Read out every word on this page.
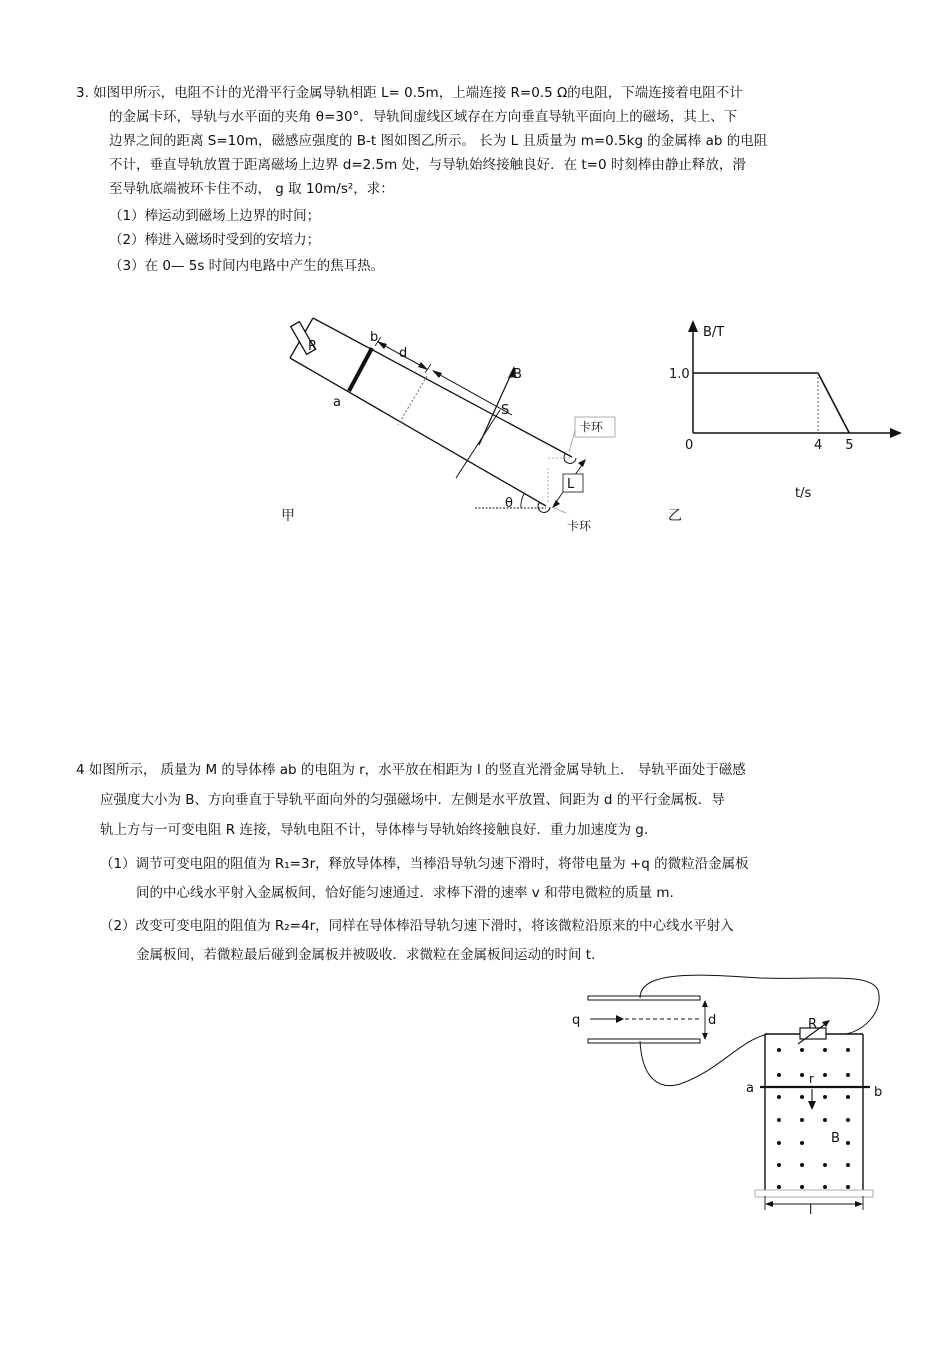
3. 如图甲所示，电阻不计的光滑平行金属导轨相距 L= 0.5m，上端连接 R=0.5 Ω的电阻，下端连接着电阻不计
的金属卡环，导轨与水平面的夹角 θ=30°．导轨间虚线区域存在方向垂直导轨平面向上的磁场，其上、下
边界之间的距离 S=10m，磁感应强度的 B-t 图如图乙所示。 长为 L 且质量为 m=0.5kg 的金属棒 ab 的电阻
不计，垂直导轨放置于距离磁场上边界 d=2.5m 处，与导轨始终接触良好．在 t=0 时刻棒由静止释放，滑
至导轨底端被环卡住不动， g 取 10m/s²，求：
（1）棒运动到磁场上边界的时间；
（2）棒进入磁场时受到的安培力；
（3）在 0— 5s 时间内电路中产生的焦耳热。
R
b
a
d
B
S
L
θ
卡环
卡环
甲
1.0
0	4 5
B/T
t/s
乙
4 如图所示， 质量为 M 的导体棒 ab 的电阻为 r，水平放在相距为 l 的竖直光滑金属导轨上． 导轨平面处于磁感
应强度大小为 B、方向垂直于导轨平面向外的匀强磁场中．左侧是水平放置、间距为 d 的平行金属板．导
轨上方与一可变电阻 R 连接，导轨电阻不计，导体棒与导轨始终接触良好．重力加速度为 g.
（1）调节可变电阻的阻值为 R₁=3r，释放导体棒，当棒沿导轨匀速下滑时，将带电量为 +q 的微粒沿金属板
间的中心线水平射入金属板间，恰好能匀速通过．求棒下滑的速率 v 和带电微粒的质量 m.
（2）改变可变电阻的阻值为 R₂=4r，同样在导体棒沿导轨匀速下滑时，将该微粒沿原来的中心线水平射入
金属板间，若微粒最后碰到金属板并被吸收．求微粒在金属板间运动的时间 t.
q	d	R
r
a	b
B
l
